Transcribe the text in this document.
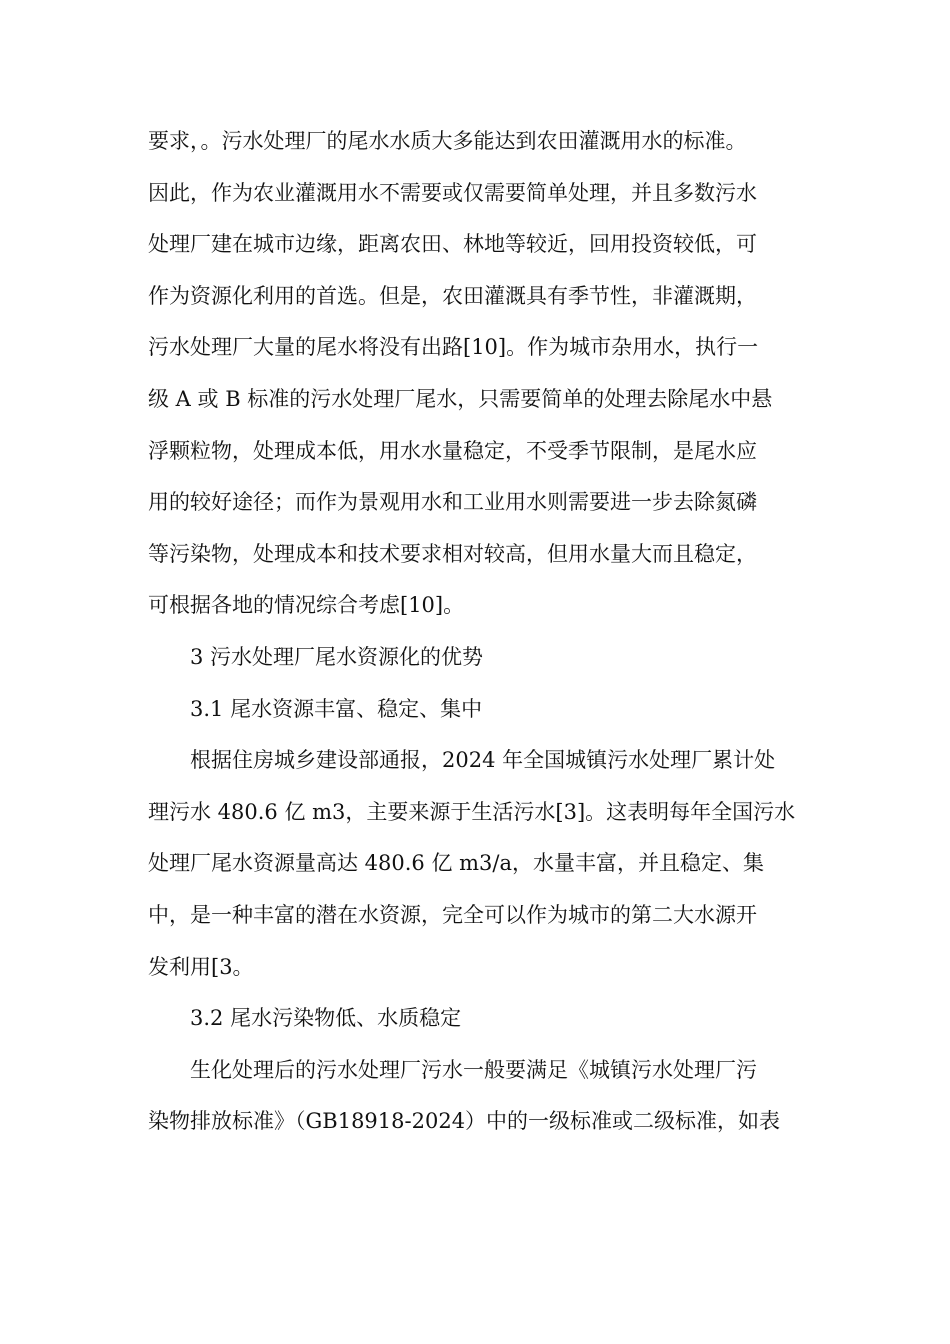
要求，。污水处理厂的尾水水质大多能达到农田灌溉用水的标准。
因此，作为农业灌溉用水不需要或仅需要简单处理，并且多数污水
处理厂建在城市边缘，距离农田、林地等较近，回用投资较低，可
作为资源化利用的首选。但是，农田灌溉具有季节性，非灌溉期，
污水处理厂大量的尾水将没有出路[10]。作为城市杂用水，执行一
级 A 或 B 标准的污水处理厂尾水，只需要简单的处理去除尾水中悬
浮颗粒物，处理成本低，用水水量稳定，不受季节限制，是尾水应
用的较好途径；而作为景观用水和工业用水则需要进一步去除氮磷
等污染物，处理成本和技术要求相对较高，但用水量大而且稳定，
可根据各地的情况综合考虑[10]。
3 污水处理厂尾水资源化的优势
3.1 尾水资源丰富、稳定、集中
根据住房城乡建设部通报，2024 年全国城镇污水处理厂累计处
理污水 480.6 亿 m3，主要来源于生活污水[3]。这表明每年全国污水
处理厂尾水资源量高达 480.6 亿 m3/a，水量丰富，并且稳定、集
中，是一种丰富的潜在水资源，完全可以作为城市的第二大水源开
发利用[3。
3.2 尾水污染物低、水质稳定
生化处理后的污水处理厂污水一般要满足《城镇污水处理厂污
染物排放标准》（GB18918-2024）中的一级标准或二级标准，如表
